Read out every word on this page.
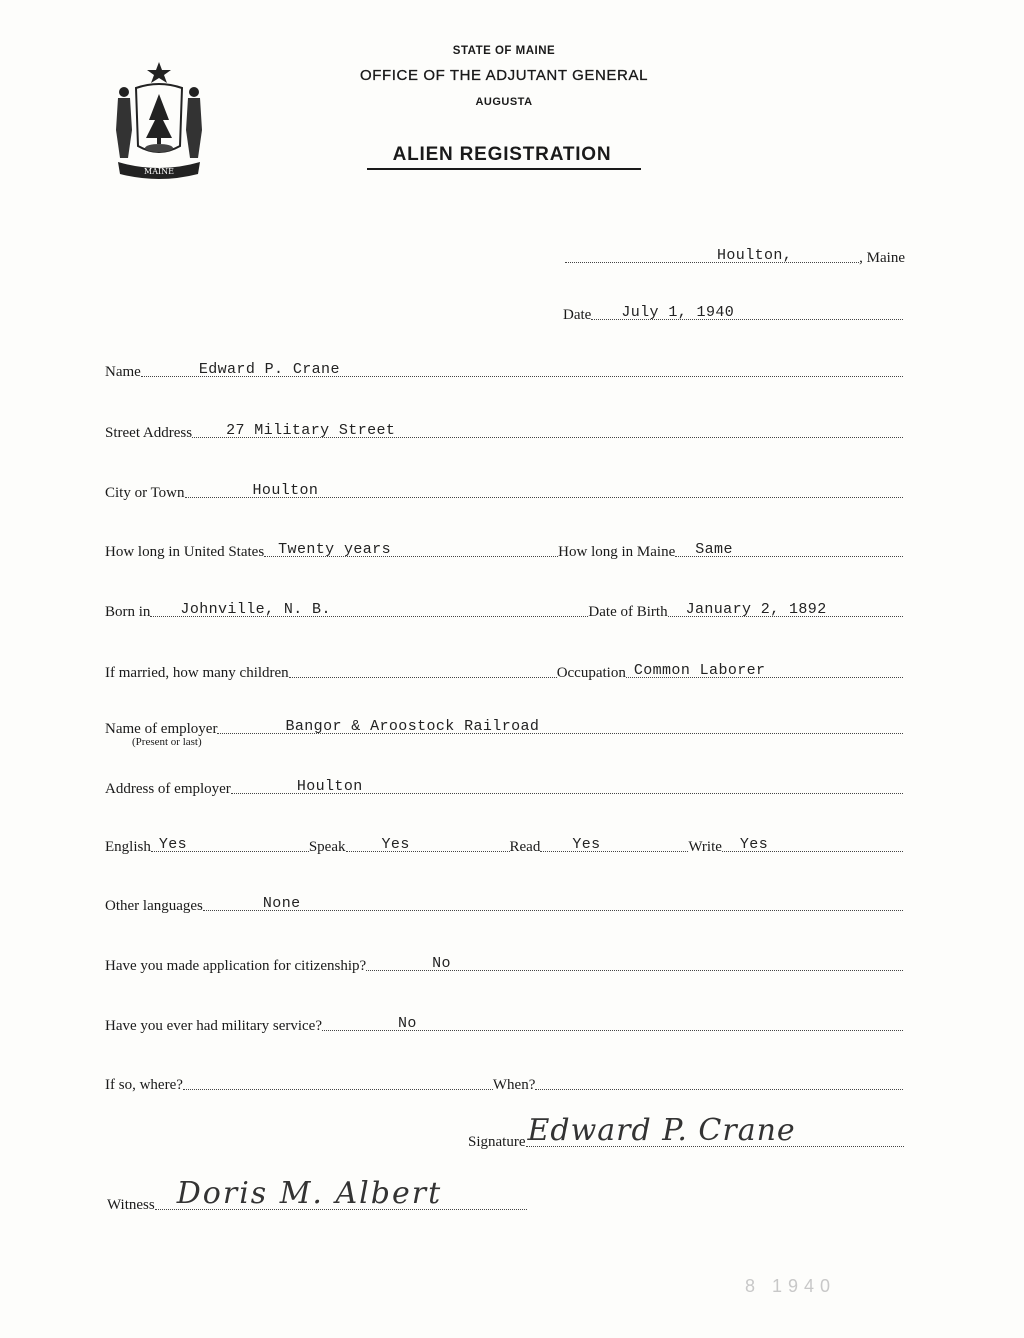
MAINE
STATE OF MAINE
OFFICE OF THE ADJUTANT GENERAL
AUGUSTA
ALIEN REGISTRATION
Houlton,	, Maine
Date July 1, 1940
Name	Edward P. Crane
Street Address 27 Military Street
City or Town	Houlton
How long in United States Twenty years	How long in Maine Same
Born in Johnville, N. B.	Date of Birth January 2, 1892
If married, how many children	Occupation Common Laborer
Name of employer	Bangor & Aroostock Railroad
(Present or last)
Address of employer	Houlton
English Yes	Speak Yes	Read Yes	Write Yes
Other languages	None
Have you made application for citizenship?	No
Have you ever had military service?	No
If so, where?	When?
Signature Edward P. Crane
Witness Doris M. Albert
8 1940
